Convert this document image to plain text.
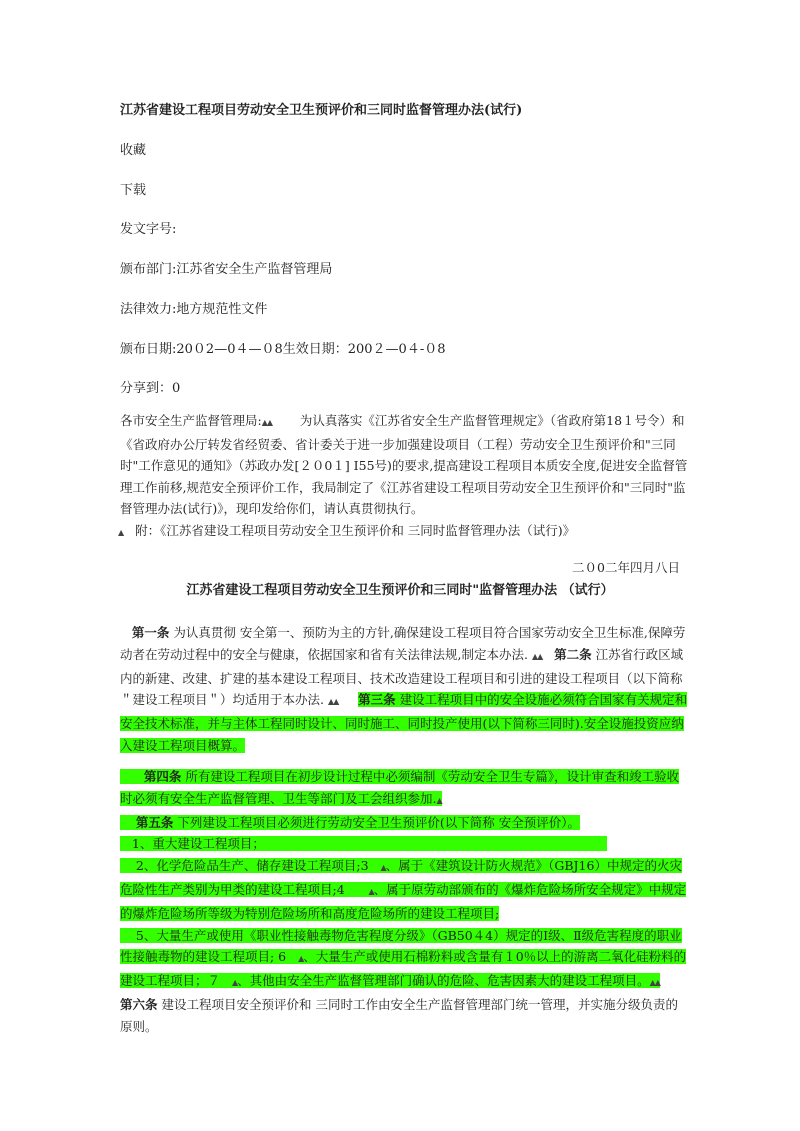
江苏省建设工程项目劳动安全卫生预评价和三同时监督管理办法(试行)
收藏
下载
发文字号:
颁布部门:江苏省安全生产监督管理局
法律效力:地方规范性文件
颁布日期:20０2—0４—０8生效日期：200２—0４-０8
分享到：0
各市安全生产监督管理局:▲▲ 为认真落实《江苏省安全生产监督管理规定》（省政府第18１号令）和《省政府办公厅转发省经贸委、省计委关于进一步加强建设项目（工程）劳动安全卫生预评价和"三同时"工作意见的通知》（苏政办发[２０0１] I55号)的要求,提高建设工程项目本质安全度,促进安全监督管理工作前移,规范安全预评价工作，我局制定了《江苏省建设工程项目劳动安全卫生预评价和"三同时"监督管理办法(试行)》，现印发给你们，请认真贯彻执行。
▲ 附：《江苏省建设工程项目劳动安全卫生预评价和 三同时监督管理办法（试行)》
二０0二年四月八日
江苏省建设工程项目劳动安全卫生预评价和三同时"监督管理办法 （试行）
第一条 为认真贯彻 安全第一、预防为主的方针,确保建设工程项目符合国家劳动安全卫生标准,保障劳动者在劳动过程中的安全与健康，依据国家和省有关法律法规,制定本办法. ▲▲ 第二条 江苏省行政区域内的新建、改建、扩建的基本建设工程项目、技术改造建设工程项目和引进的建设工程项目（以下简称＂建设工程项目＂）均适用于本办法. ▲▲ 第三条 建设工程项目中的安全设施必须符合国家有关规定和安全技术标准，并与主体工程同时设计、同时施工、同时投产使用(以下简称三同时).安全设施投资应纳入建设工程项目概算。
第四条 所有建设工程项目在初步设计过程中必须编制《劳动安全卫生专篇》，设计审查和竣工验收时必须有安全生产监督管理、卫生等部门及工会组织参加.▲
第五条 下列建设工程项目必须进行劳动安全卫生预评价(以下简称 安全预评价）。
1、重大建设工程项目；
2、化学危险品生产、储存建设工程项目;3 ▲、属于《建筑设计防火规范》（GBJ16）中规定的火灾危险性生产类别为甲类的建设工程项目;4	▲、属于原劳动部颁布的《爆炸危险场所安全规定》中规定的爆炸危险场所等级为特别危险场所和高度危险场所的建设工程项目;
5、大量生产或使用《职业性接触毒物危害程度分级》（GB50４4）规定的Ⅰ级、Ⅱ级危害程度的职业性接触毒物的建设工程项目; 6 ▲、大量生产或使用石棉粉料或含量有１0％以上的游离二氧化硅粉料的建设工程项目；７ ▲、其他由安全生产监督管理部门确认的危险、危害因素大的建设工程项目。▲▲
第六条 建设工程项目安全预评价和 三同时工作由安全生产监督管理部门统一管理，并实施分级负责的原则。
